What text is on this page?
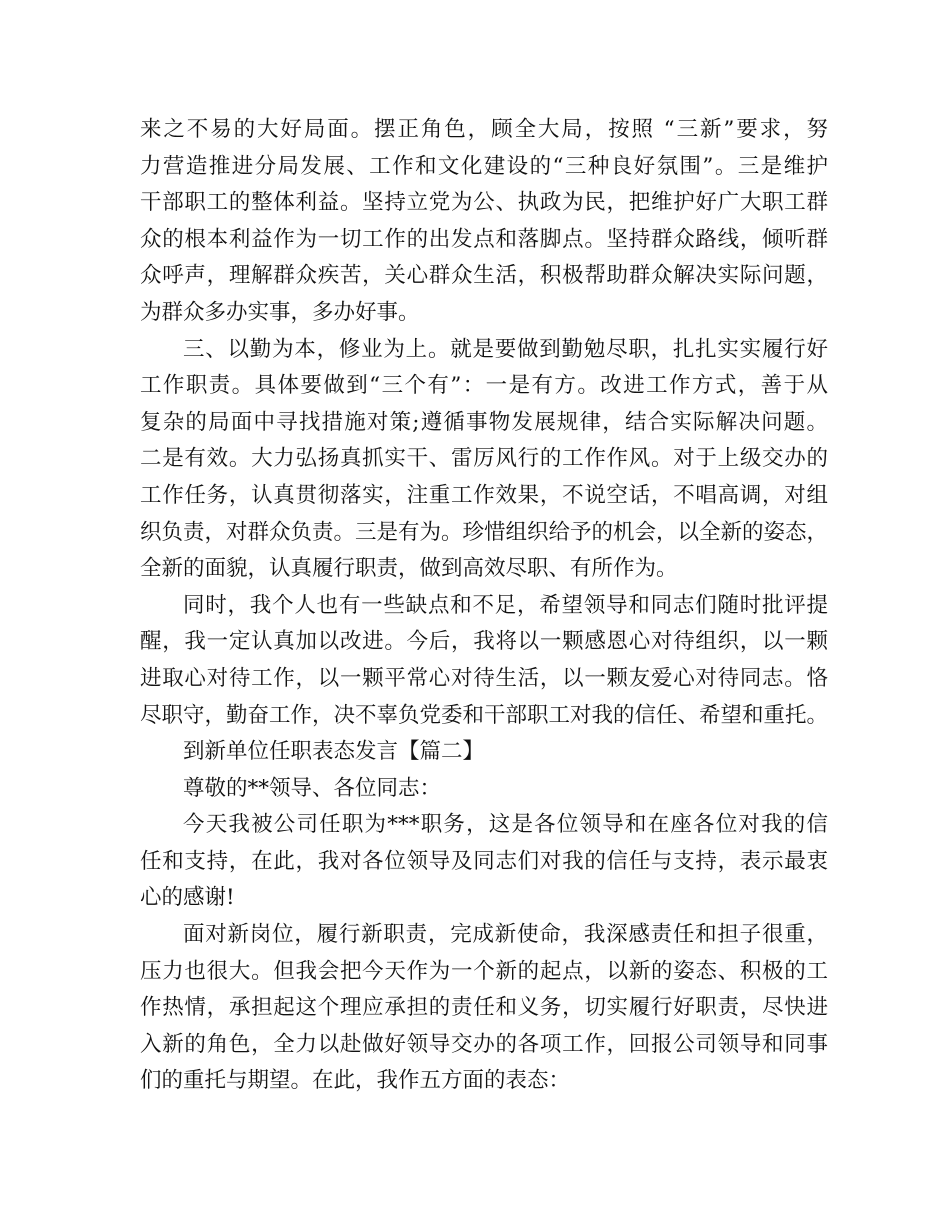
来之不易的大好局面。摆正角色，顾全大局，按照 “三新”要求，努
力营造推进分局发展、工作和文化建设的“三种良好氛围”。三是维护
干部职工的整体利益。坚持立党为公、执政为民，把维护好广大职工群
众的根本利益作为一切工作的出发点和落脚点。坚持群众路线，倾听群
众呼声，理解群众疾苦，关心群众生活，积极帮助群众解决实际问题，
为群众多办实事，多办好事。
三、以勤为本，修业为上。就是要做到勤勉尽职，扎扎实实履行好
工作职责。具体要做到“三个有”：一是有方。改进工作方式，善于从
复杂的局面中寻找措施对策;遵循事物发展规律，结合实际解决问题。
二是有效。大力弘扬真抓实干、雷厉风行的工作作风。对于上级交办的
工作任务，认真贯彻落实，注重工作效果，不说空话，不唱高调，对组
织负责，对群众负责。三是有为。珍惜组织给予的机会，以全新的姿态，
全新的面貌，认真履行职责，做到高效尽职、有所作为。
同时，我个人也有一些缺点和不足，希望领导和同志们随时批评提
醒，我一定认真加以改进。今后，我将以一颗感恩心对待组织，以一颗
进取心对待工作，以一颗平常心对待生活，以一颗友爱心对待同志。恪
尽职守，勤奋工作，决不辜负党委和干部职工对我的信任、希望和重托。
到新单位任职表态发言【篇二】
尊敬的**领导、各位同志：
今天我被公司任职为***职务，这是各位领导和在座各位对我的信
任和支持，在此，我对各位领导及同志们对我的信任与支持，表示最衷
心的感谢!
面对新岗位，履行新职责，完成新使命，我深感责任和担子很重，
压力也很大。但我会把今天作为一个新的起点，以新的姿态、积极的工
作热情，承担起这个理应承担的责任和义务，切实履行好职责，尽快进
入新的角色，全力以赴做好领导交办的各项工作，回报公司领导和同事
们的重托与期望。在此，我作五方面的表态：
